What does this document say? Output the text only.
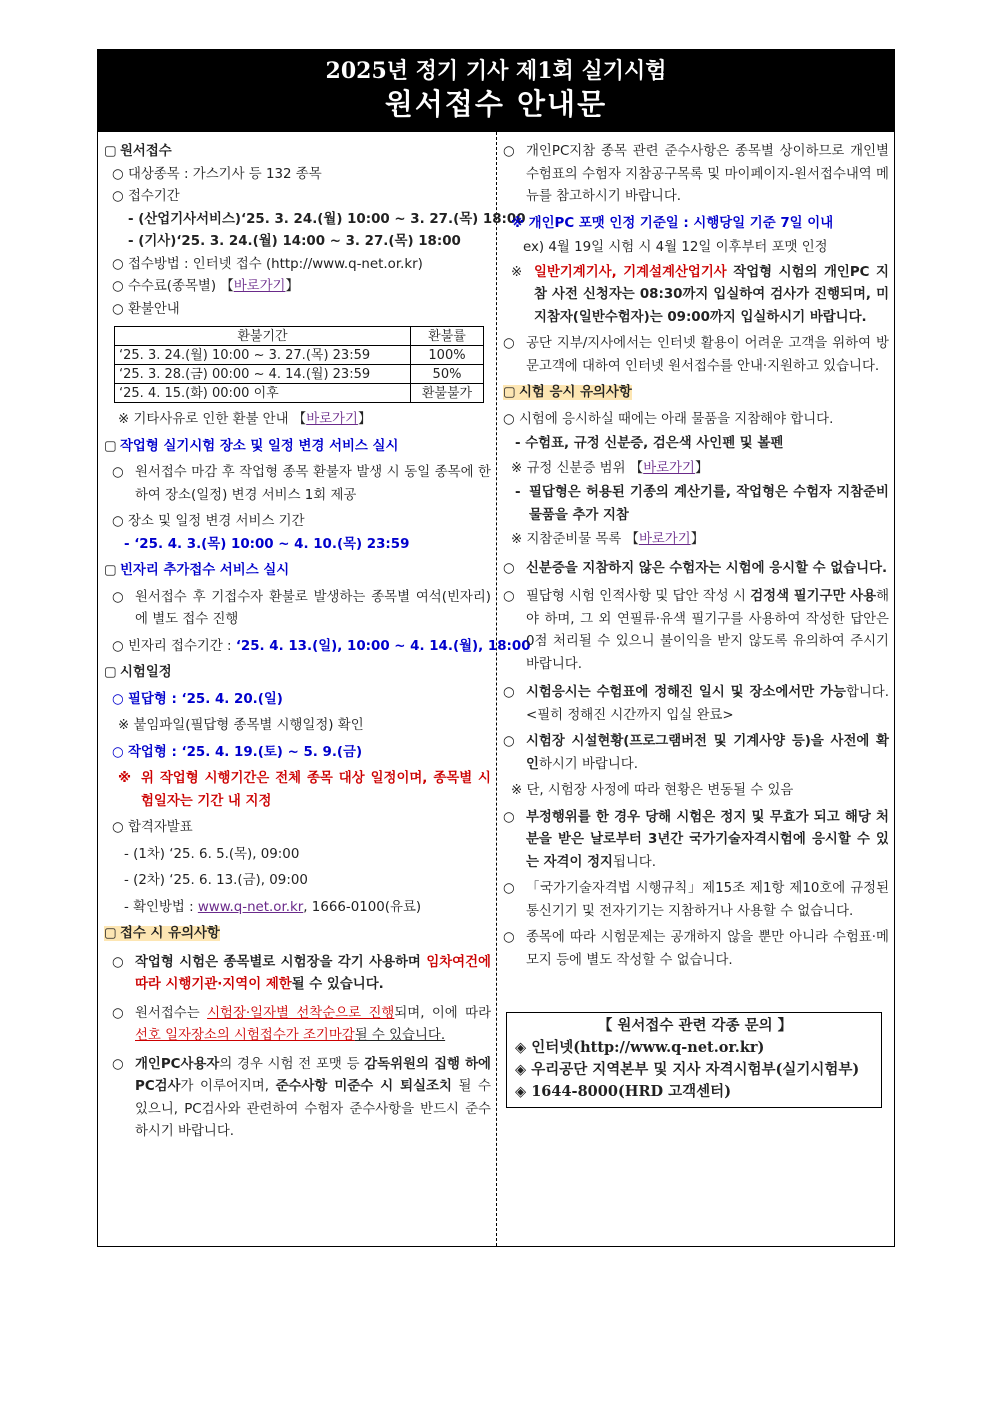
2025년 정기 기사 제1회 실기시험
원서접수 안내문
▢ 원서접수
○ 대상종목 : 가스기사 등 132 종목
○ 접수기간
- (산업기사서비스)‘25. 3. 24.(월) 10:00 ~ 3. 27.(목) 18:00
- (기사)‘25. 3. 24.(월) 14:00 ~ 3. 27.(목) 18:00
○ 접수방법 : 인터넷 접수 (http://www.q-net.or.kr)
○ 수수료(종목별) 【바로가기】
○ 환불안내
환불기간	환불률
‘25. 3. 24.(월) 10:00 ~ 3. 27.(목) 23:59	100%
‘25. 3. 28.(금) 00:00 ~ 4. 14.(월) 23:59	50%
‘25. 4. 15.(화) 00:00 이후	환불불가
※ 기타사유로 인한 환불 안내 【바로가기】
▢ 작업형 실기시험 장소 및 일정 변경 서비스 실시
○ 원서접수 마감 후 작업형 종목 환불자 발생 시 동일 종목에 한하여 장소(일정) 변경 서비스 1회 제공
○ 장소 및 일정 변경 서비스 기간
- ‘25. 4. 3.(목) 10:00 ~ 4. 10.(목) 23:59
▢ 빈자리 추가접수 서비스 실시
○ 원서접수 후 기접수자 환불로 발생하는 종목별 여석(빈자리)에 별도 접수 진행
○ 빈자리 접수기간 : ‘25. 4. 13.(일), 10:00 ~ 4. 14.(월), 18:00
▢ 시험일정
○ 필답형 : ‘25. 4. 20.(일)
※ 붙임파일(필답형 종목별 시행일정) 확인
○ 작업형 : ‘25. 4. 19.(토) ~ 5. 9.(금)
※ 위 작업형 시행기간은 전체 종목 대상 일정이며, 종목별 시험일자는 기간 내 지정
○ 합격자발표
- (1차) ‘25. 6. 5.(목), 09:00
- (2차) ‘25. 6. 13.(금), 09:00
- 확인방법 : www.q-net.or.kr, 1666-0100(유료)
▢ 접수 시 유의사항
○ 작업형 시험은 종목별로 시험장을 각기 사용하며 임차여건에 따라 시행기관·지역이 제한될 수 있습니다.
○ 원서접수는 시험장·일자별 선착순으로 진행되며, 이에 따라 선호 일자장소의 시험접수가 조기마감될 수 있습니다.
○ 개인PC사용자의 경우 시험 전 포맷 등 감독위원의 집행 하에 PC검사가 이루어지며, 준수사항 미준수 시 퇴실조치 될 수 있으니, PC검사와 관련하여 수험자 준수사항을 반드시 준수하시기 바랍니다.
○ 개인PC지참 종목 관련 준수사항은 종목별 상이하므로 개인별 수험표의 수험자 지참공구목록 및 마이페이지-원서접수내역 메뉴를 참고하시기 바랍니다.
※ 개인PC 포맷 인정 기준일 : 시행당일 기준 7일 이내
ex) 4월 19일 시험 시 4월 12일 이후부터 포맷 인정
※ 일반기계기사, 기계설계산업기사 작업형 시험의 개인PC 지참 사전 신청자는 08:30까지 입실하여 검사가 진행되며, 미지참자(일반수험자)는 09:00까지 입실하시기 바랍니다.
○ 공단 지부/지사에서는 인터넷 활용이 어려운 고객을 위하여 방문고객에 대하여 인터넷 원서접수를 안내·지원하고 있습니다.
▢ 시험 응시 유의사항
○ 시험에 응시하실 때에는 아래 물품을 지참해야 합니다.
- 수험표, 규정 신분증, 검은색 사인펜 및 볼펜
※ 규정 신분증 범위 【바로가기】
- 필답형은 허용된 기종의 계산기를, 작업형은 수험자 지참준비물품을 추가 지참
※ 지참준비물 목록 【바로가기】
○ 신분증을 지참하지 않은 수험자는 시험에 응시할 수 없습니다.
○ 필답형 시험 인적사항 및 답안 작성 시 검정색 필기구만 사용해야 하며, 그 외 연필류·유색 필기구를 사용하여 작성한 답안은 0점 처리될 수 있으니 불이익을 받지 않도록 유의하여 주시기 바랍니다.
○ 시험응시는 수험표에 정해진 일시 및 장소에서만 가능합니다. <필히 정해진 시간까지 입실 완료>
○ 시험장 시설현황(프로그램버전 및 기계사양 등)을 사전에 확인하시기 바랍니다.
※ 단, 시험장 사정에 따라 현황은 변동될 수 있음
○ 부정행위를 한 경우 당해 시험은 정지 및 무효가 되고 해당 처분을 받은 날로부터 3년간 국가기술자격시험에 응시할 수 있는 자격이 정지됩니다.
○ 「국가기술자격법 시행규칙」제15조 제1항 제10호에 규정된 통신기기 및 전자기기는 지참하거나 사용할 수 없습니다.
○ 종목에 따라 시험문제는 공개하지 않을 뿐만 아니라 수험표·메모지 등에 별도 작성할 수 없습니다.
【 원서접수 관련 각종 문의 】
◈ 인터넷(http://www.q-net.or.kr)
◈ 우리공단 지역본부 및 지사 자격시험부(실기시험부)
◈ 1644-8000(HRD 고객센터)
